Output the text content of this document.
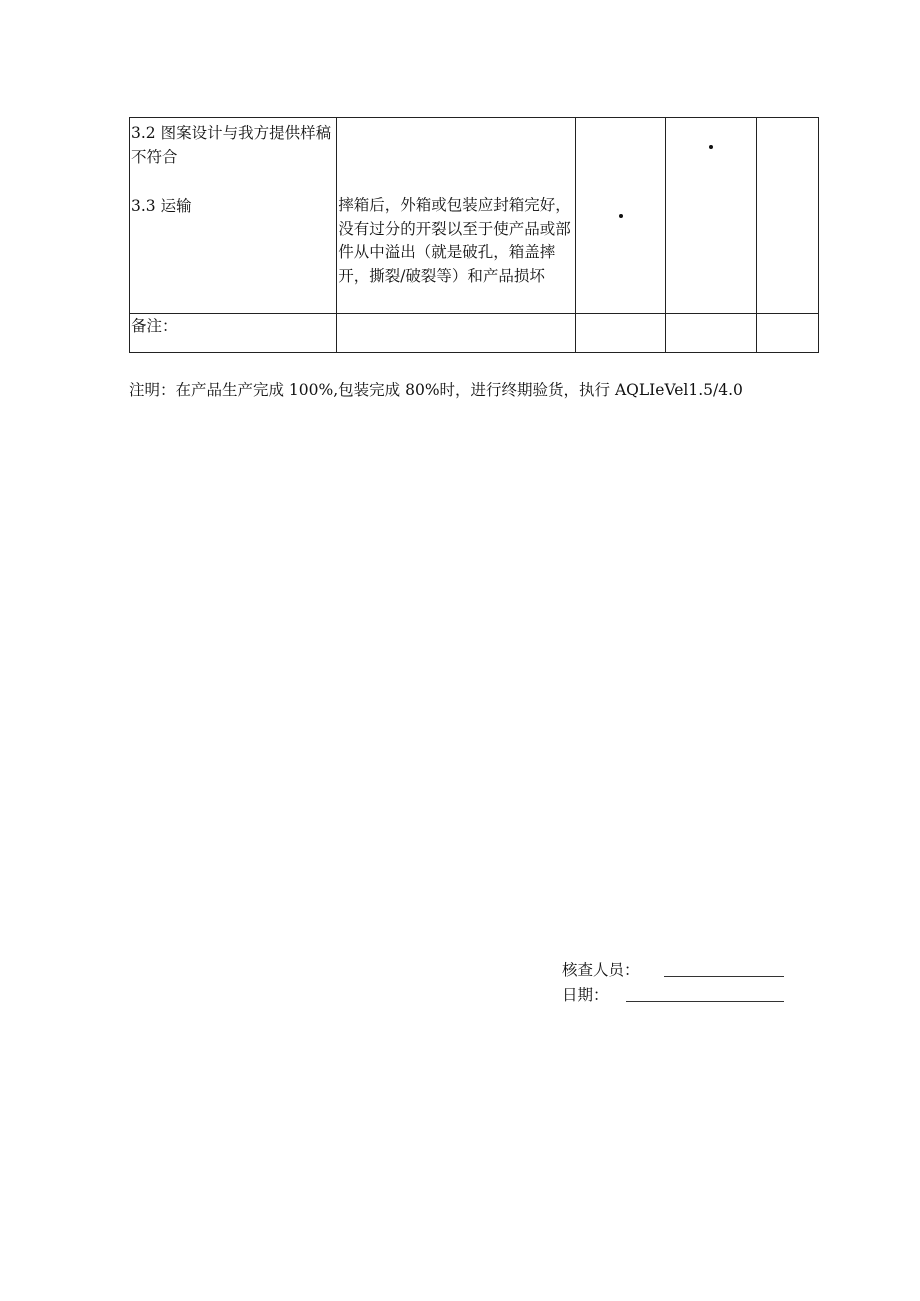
3.2 图案设计与我方提供样稿不符合
3.3 运输	摔箱后，外箱或包装应封箱完好，没有过分的开裂以至于使产品或部件从中溢出（就是破孔，箱盖摔开，撕裂/破裂等）和产品损坏			

备注：				

注明：在产品生产完成 100%,包装完成 80%时，进行终期验货，执行 AQLIeVel1.5/4.0
核查人员：
日期：
